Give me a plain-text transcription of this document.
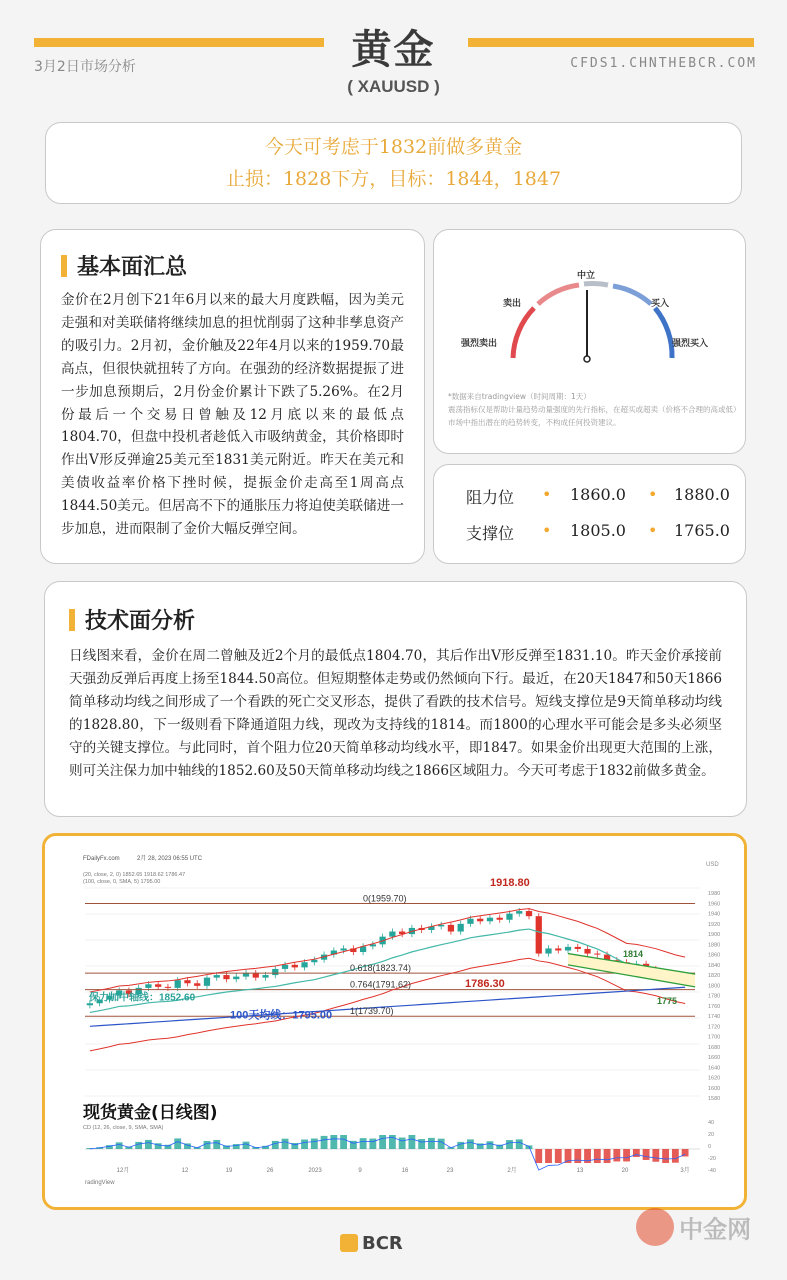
黄金
( XAUUSD )
3月2日市场分析	CFDS1.CHNTHEBCR.COM
今天可考虑于1832前做多黄金
止损：1828下方，目标：1844，1847
基本面汇总

金价在2月创下21年6月以来的最大月度跌幅，因为美元走强和对美联储将继续加息的担忧削弱了这种非孳息资产的吸引力。2月初，金价触及22年4月以来的1959.70最高点，但很快就扭转了方向。在强劲的经济数据提振了进一步加息预期后，2月份金价累计下跌了5.26%。在2月份最后一个交易日曾触及12月底以来的最低点1804.70，但盘中投机者趁低入市吸纳黄金，其价格即时作出V形反弹逾25美元至1831美元附近。昨天在美元和美债收益率价格下挫时候，提振金价走高至1周高点1844.50美元。但居高不下的通胀压力将迫使美联储进一步加息，进而限制了金价大幅反弹空间。

中立
卖出	买入
强烈卖出	强烈买入
*数据来自tradingview（时间周期：1天）
震荡指标仅是帮助计量趋势动量强度的先行指标，在超买或超卖（价格不合理的高或低）市场中指出潜在的趋势转变，不构成任何投资建议。
阻力位 • 1860.0 • 1880.0
支撑位 • 1805.0 • 1765.0
技术面分析

日线图来看，金价在周二曾触及近2个月的最低点1804.70，其后作出V形反弹至1831.10。昨天金价承接前天强劲反弹后再度上扬至1844.50高位。但短期整体走势或仍然倾向下行。最近，在20天1847和50天1866简单移动均线之间形成了一个看跌的死亡交叉形态，提供了看跌的技术信号。短线支撑位是9天简单移动均线的1828.80，下一级则看下降通道阻力线，现改为支持线的1814。而1800的心理水平可能会是多头必须坚守的关键支撑位。与此同时，首个阻力位20天简单移动均线水平，即1847。如果金价出现更大范围的上涨，则可关注保力加中轴线的1852.60及50天简单移动均线之1866区域阻力。今天可考虑于1832前做多黄金。

FDailyFx.com	2月 28, 2023 06:55 UTC
(20, close, 2, 0) 1852.65 1918.62 1786.47
(100, close, 0, SMA, 5) 1795.00
USD
1980
1960
1940
1920
1900
1880
1860
1840
1820
1800
1780
1760
1740
1720
1700
1680
1660
1640
1620
1600
1580
40
20
0
-20
-40
1918.80
0(1959.70)
0.618(1823.74)
0.764(1791.62)
1(1739.70)
1786.30
1814
1775
保力加中轴线：1852.60
100天均线：1795.00
现货黄金(日线图)
CD (12, 26, close, 9, SMA, SMA)
radingView
12月	12	19	26	2023	9	16	23	2月	13	20	3月
BCR	中金网
